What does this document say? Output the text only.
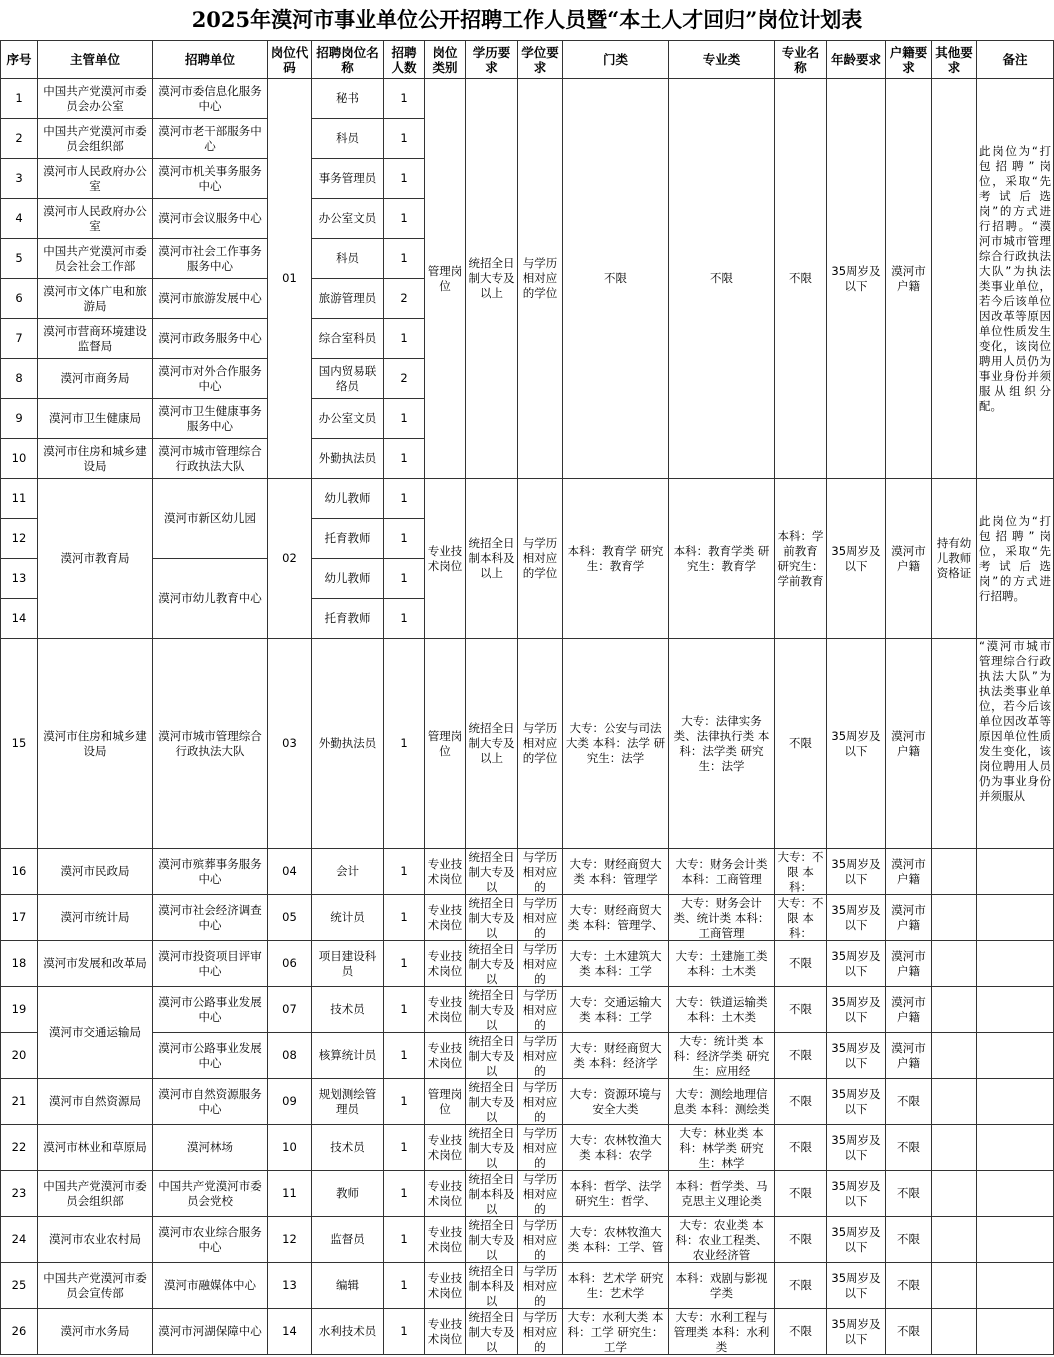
2025年漠河市事业单位公开招聘工作人员暨“本土人才回归”岗位计划表
序号	主管单位	招聘单位	岗位代码	招聘岗位名称	招聘人数	岗位类别	学历要求	学位要求	门类	专业类	专业名称	年龄要求	户籍要求	其他要求	备注
1	中国共产党漠河市委员会办公室	漠河市委信息化服务中心	01	秘书	1	管理岗位	统招全日制大专及以上	与学历相对应的学位	不限	不限	不限	35周岁及以下	漠河市户籍		此岗位为“打包招聘”岗位，采取“先考试后选岗”的方式进行招聘。“漠河市城市管理综合行政执法大队”为执法类事业单位，若今后该单位因改革等原因单位性质发生变化，该岗位聘用人员仍为事业身份并须服从组织分配。
2	中国共产党漠河市委员会组织部	漠河市老干部服务中心		科员	1										
3	漠河市人民政府办公室	漠河市机关事务服务中心		事务管理员	1										
4	漠河市人民政府办公室	漠河市会议服务中心		办公室文员	1										
5	中国共产党漠河市委员会社会工作部	漠河市社会工作事务服务中心		科员	1										
6	漠河市文体广电和旅游局	漠河市旅游发展中心		旅游管理员	2										
7	漠河市营商环境建设监督局	漠河市政务服务中心		综合室科员	1										
8	漠河市商务局	漠河市对外合作服务中心		国内贸易联络员	2										
9	漠河市卫生健康局	漠河市卫生健康事务服务中心		办公室文员	1										
10	漠河市住房和城乡建设局	漠河市城市管理综合行政执法大队		外勤执法员	1										
11	漠河市教育局	漠河市新区幼儿园	02	幼儿教师	1	专业技术岗位	统招全日制本科及以上	与学历相对应的学位	本科：教育学 研究生：教育学	本科：教育学类 研究生：教育学	本科：学前教育 研究生：学前教育	35周岁及以下	漠河市户籍	持有幼儿教师资格证	此岗位为“打包招聘”岗位，采取“先考试后选岗”的方式进行招聘。
12				托育教师	1										
13		漠河市幼儿教育中心		幼儿教师	1										
14				托育教师	1										
15	漠河市住房和城乡建设局	漠河市城市管理综合行政执法大队	03	外勤执法员	1	管理岗位	统招全日制大专及以上	与学历相对应的学位	大专：公安与司法大类 本科：法学 研究生：法学	大专：法律实务类、法律执行类 本科：法学类 研究生：法学	不限	35周岁及以下	漠河市户籍		“漠河市城市管理综合行政执法大队”为执法类事业单位，若今后该单位因改革等原因单位性质发生变化，该岗位聘用人员仍为事业身份并须服从

16	漠河市民政局	漠河市殡葬事务服务中心	04	会计	1	专业技术岗位	统招全日制大专及以	与学历相对应的	大专：财经商贸大类 本科：管理学	大专：财务会计类 本科：工商管理	大专：不限 本科：	35周岁及以下	漠河市户籍		

17	漠河市统计局	漠河市社会经济调查中心	05	统计员	1	专业技术岗位	统招全日制大专及以	与学历相对应的	大专：财经商贸大类 本科：管理学、	大专：财务会计类、统计类 本科：工商管理	大专：不限 本科：	35周岁及以下	漠河市户籍		

18	漠河市发展和改革局	漠河市投资项目评审中心	06	项目建设科员	1	专业技术岗位	统招全日制大专及以	与学历相对应的	大专：土木建筑大类 本科：工学	大专：土建施工类 本科：土木类	不限	35周岁及以下	漠河市户籍		

19	漠河市交通运输局	漠河市公路事业发展中心	07	技术员	1	专业技术岗位	统招全日制大专及以	与学历相对应的	大专：交通运输大类 本科：工学	大专：铁道运输类 本科：土木类	不限	35周岁及以下	漠河市户籍		

20		漠河市公路事业发展中心	08	核算统计员	1	专业技术岗位	统招全日制大专及以	与学历相对应的	大专：财经商贸大类 本科：经济学	大专：统计类 本科：经济学类 研究生：应用经	不限	35周岁及以下	漠河市户籍		

21	漠河市自然资源局	漠河市自然资源服务中心	09	规划测绘管理员	1	管理岗位	统招全日制大专及以	与学历相对应的	大专：资源环境与安全大类	大专：测绘地理信息类 本科：测绘类	不限	35周岁及以下	不限		

22	漠河市林业和草原局	漠河林场	10	技术员	1	专业技术岗位	统招全日制大专及以	与学历相对应的	大专：农林牧渔大类 本科：农学	大专：林业类 本科：林学类 研究生：林学	不限	35周岁及以下	不限		

23	中国共产党漠河市委员会组织部	中国共产党漠河市委员会党校	11	教师	1	专业技术岗位	统招全日制本科及以	与学历相对应的	本科：哲学、法学 研究生：哲学、	本科：哲学类、马克思主义理论类	不限	35周岁及以下	不限		

24	漠河市农业农村局	漠河市农业综合服务中心	12	监督员	1	专业技术岗位	统招全日制大专及以	与学历相对应的	大专：农林牧渔大类 本科：工学、管	大专：农业类 本科：农业工程类、农业经济管	不限	35周岁及以下	不限		

25	中国共产党漠河市委员会宣传部	漠河市融媒体中心	13	编辑	1	专业技术岗位	统招全日制本科及以	与学历相对应的	本科：艺术学 研究生：艺术学	本科：戏剧与影视学类	不限	35周岁及以下	不限		

26	漠河市水务局	漠河市河湖保障中心	14	水利技术员	1	专业技术岗位	统招全日制大专及以	与学历相对应的	大专：水利大类 本科：工学 研究生：工学	大专：水利工程与管理类 本科：水利类	不限	35周岁及以下	不限		
